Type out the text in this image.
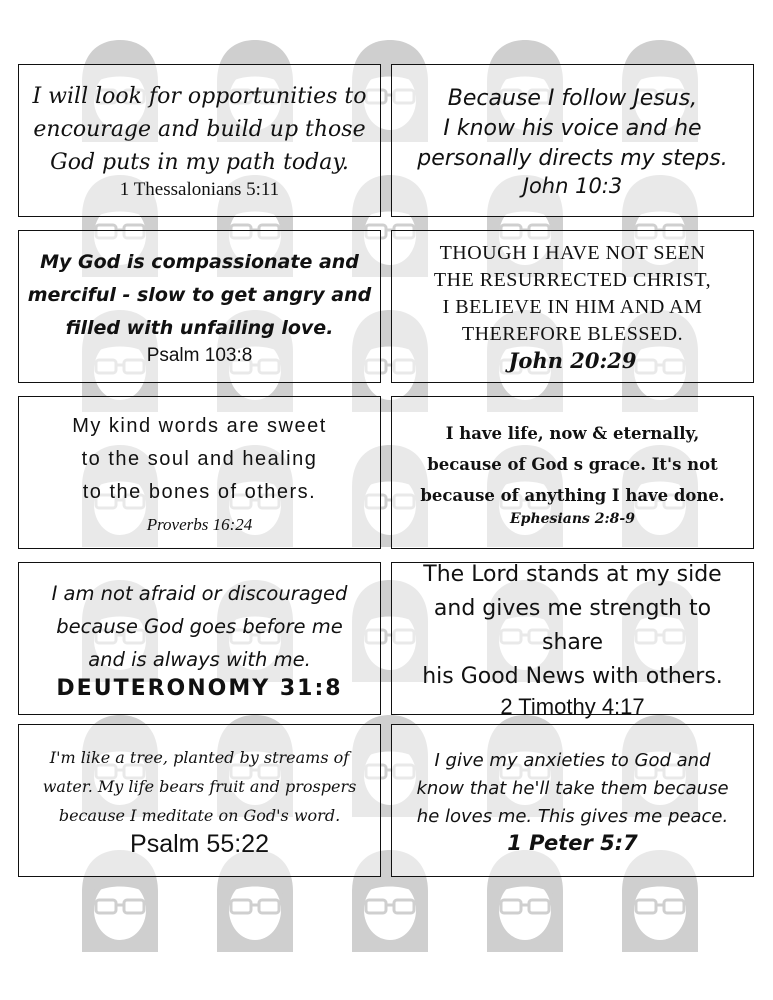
I will look for opportunities to
encourage and build up those
God puts in my path today.
1 Thessalonians 5:11
Because I follow Jesus,
I know his voice and he
personally directs my steps.
John 10:3
My God is compassionate and
merciful - slow to get angry and
filled with unfailing love.
Psalm 103:8
THOUGH I HAVE NOT SEEN
THE RESURRECTED CHRIST,
I BELIEVE IN HIM AND AM
THEREFORE BLESSED.
John 20:29
My kind words are sweet
to the soul and healing
to the bones of others.
Proverbs 16:24
I have life, now & eternally,
because of God s grace. It's not
because of anything I have done.
Ephesians 2:8-9
I am not afraid or discouraged
because God goes before me
and is always with me.
DEUTERONOMY 31:8
The Lord stands at my side
and gives me strength to share
his Good News with others.
2 Timothy 4:17
I'm like a tree, planted by streams of
water. My life bears fruit and prospers
because I meditate on God's word.
Psalm 55:22
I give my anxieties to God and
know that he'll take them because
he loves me. This gives me peace.
1 Peter 5:7
